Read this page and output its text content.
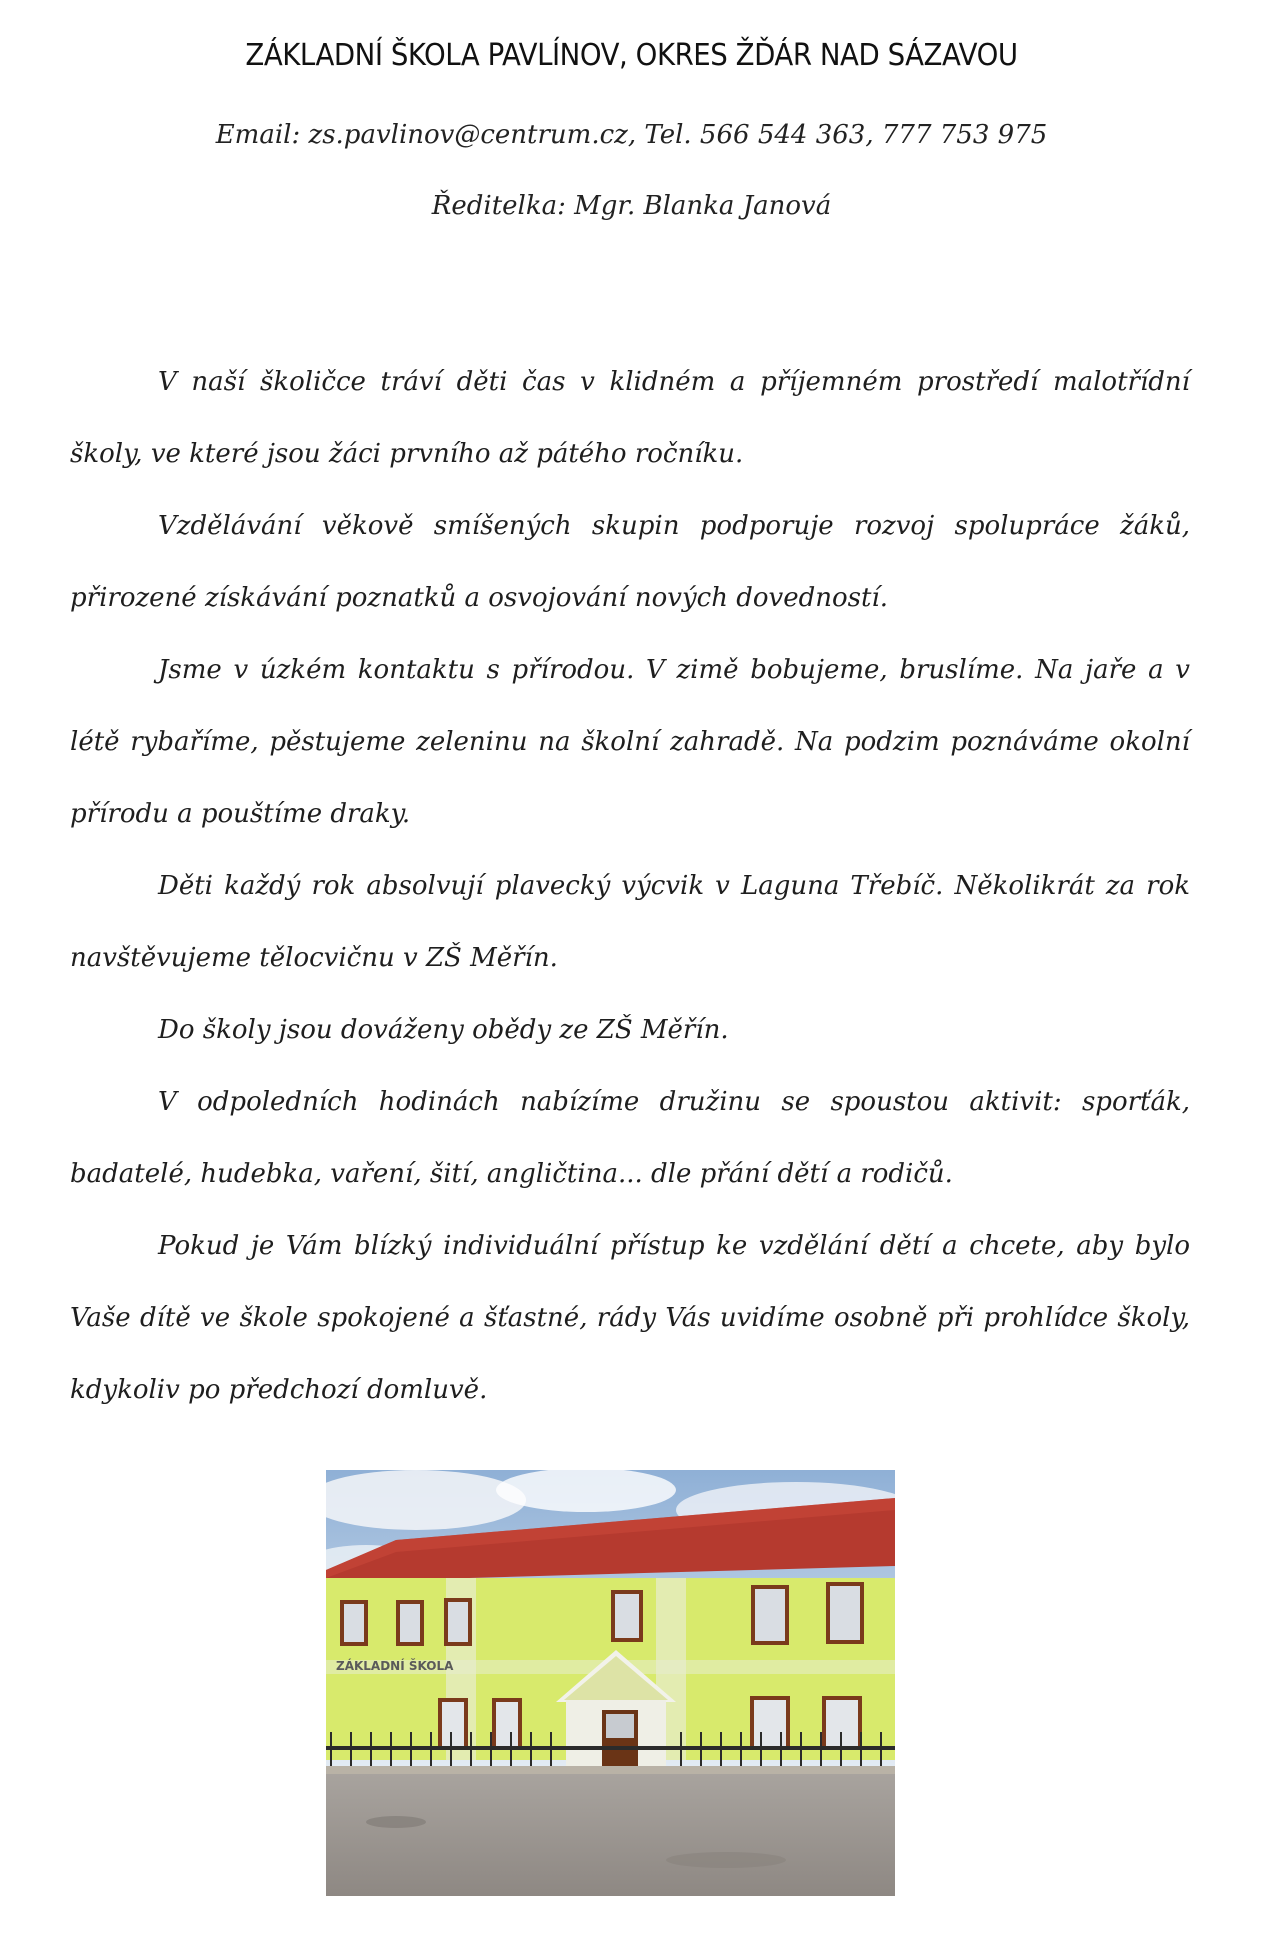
ZÁKLADNÍ ŠKOLA PAVLÍNOV, OKRES ŽĎÁR NAD SÁZAVOU
Email: zs.pavlinov@centrum.cz, Tel. 566 544 363, 777 753 975
Ředitelka: Mgr. Blanka Janová

V naší školičce tráví děti čas v klidném a příjemném prostředí malotřídní školy, ve které jsou žáci prvního až pátého ročníku.

Vzdělávání věkově smíšených skupin podporuje rozvoj spolupráce žáků, přirozené získávání poznatků a osvojování nových dovedností.

Jsme v úzkém kontaktu s přírodou. V zimě bobujeme, bruslíme. Na jaře a v létě rybaříme, pěstujeme zeleninu na školní zahradě. Na podzim poznáváme okolní přírodu a pouštíme draky.

Děti každý rok absolvují plavecký výcvik v Laguna Třebíč. Několikrát za rok navštěvujeme tělocvičnu v ZŠ Měřín.

Do školy jsou dováženy obědy ze ZŠ Měřín.

V odpoledních hodinách nabízíme družinu se spoustou aktivit: sporťák, badatelé, hudebka, vaření, šití, angličtina... dle přání dětí a rodičů.

Pokud je Vám blízký individuální přístup ke vzdělání dětí a chcete, aby bylo Vaše dítě ve škole spokojené a šťastné, rády Vás uvidíme osobně při prohlídce školy, kdykoliv po předchozí domluvě.

ZÁKLADNÍ ŠKOLA
